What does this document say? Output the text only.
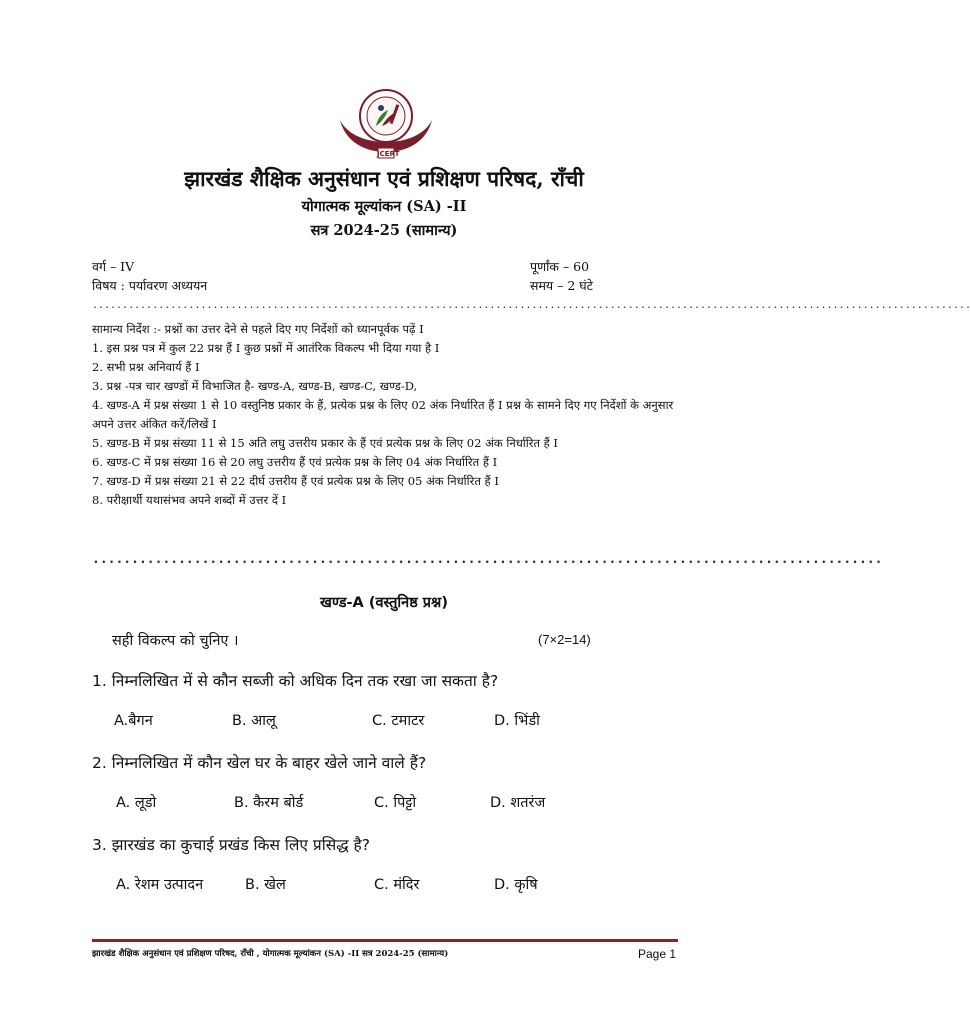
JCERT
झारखंड शैक्षिक अनुसंधान एवं प्रशिक्षण परिषद, राँची
योगात्मक मूल्यांकन (SA) -II
सत्र 2024-25 (सामान्य)
वर्ग – IV
विषय : पर्यावरण अध्ययन
पूर्णांक – 60
समय – 2 घंटे
..................................................................................................................................................
सामान्य निर्देश :- प्रश्नों का उत्तर देने से पहले दिए गए निर्देशों को ध्यानपूर्वक पढ़ें I
1. इस प्रश्न पत्र में कुल 22 प्रश्न हैं I कुछ प्रश्नों में आतंरिक विकल्प भी दिया गया है I
2. सभी प्रश्न अनिवार्य हैं I
3. प्रश्न -पत्र चार खण्डों में विभाजित है- खण्ड-A, खण्ड-B, खण्ड-C, खण्ड-D,
4. खण्ड-A में प्रश्न संख्या 1 से 10 वस्तुनिष्ठ प्रकार के हैं, प्रत्येक प्रश्न के लिए 02 अंक निर्धारित हैं I प्रश्न के सामने दिए गए निर्देशों के अनुसार अपने उत्तर अंकित करें/लिखें I
5. खण्ड-B में प्रश्न संख्या 11 से 15 अति लघु उत्तरीय प्रकार के हैं एवं प्रत्येक प्रश्न के लिए 02 अंक निर्धारित हैं I
6. खण्ड-C में प्रश्न संख्या 16 से 20 लघु उत्तरीय हैं एवं प्रत्येक प्रश्न के लिए 04 अंक निर्धारित हैं I
7. खण्ड-D में प्रश्न संख्या 21 से 22 दीर्घ उत्तरीय हैं एवं प्रत्येक प्रश्न के लिए 05 अंक निर्धारित हैं I
8. परीक्षार्थी यथासंभव अपने शब्दों में उत्तर दें I
.....................................................................................................
खण्ड-A (वस्तुनिष्ठ प्रश्न)
सही विकल्प को चुनिए ।	(7×2=14)
1. निम्नलिखित में से कौन सब्जी को अधिक दिन तक रखा जा सकता है?
A.बैगन	B. आलू	C. टमाटर	D. भिंडी
2. निम्नलिखित में कौन खेल घर के बाहर खेले जाने वाले हैं?
A. लूडो	B. कैरम बोर्ड	C. पिट्टो	D. शतरंज
3. झारखंड का कुचाई प्रखंड किस लिए प्रसिद्ध है?
A. रेशम उत्पादन	B. खेल	C. मंदिर	D. कृषि
झारखंड शैक्षिक अनुसंधान एवं प्रशिक्षण परिषद, राँची , योगात्मक मूल्यांकन (SA) -II सत्र 2024-25 (सामान्य)	Page 1
